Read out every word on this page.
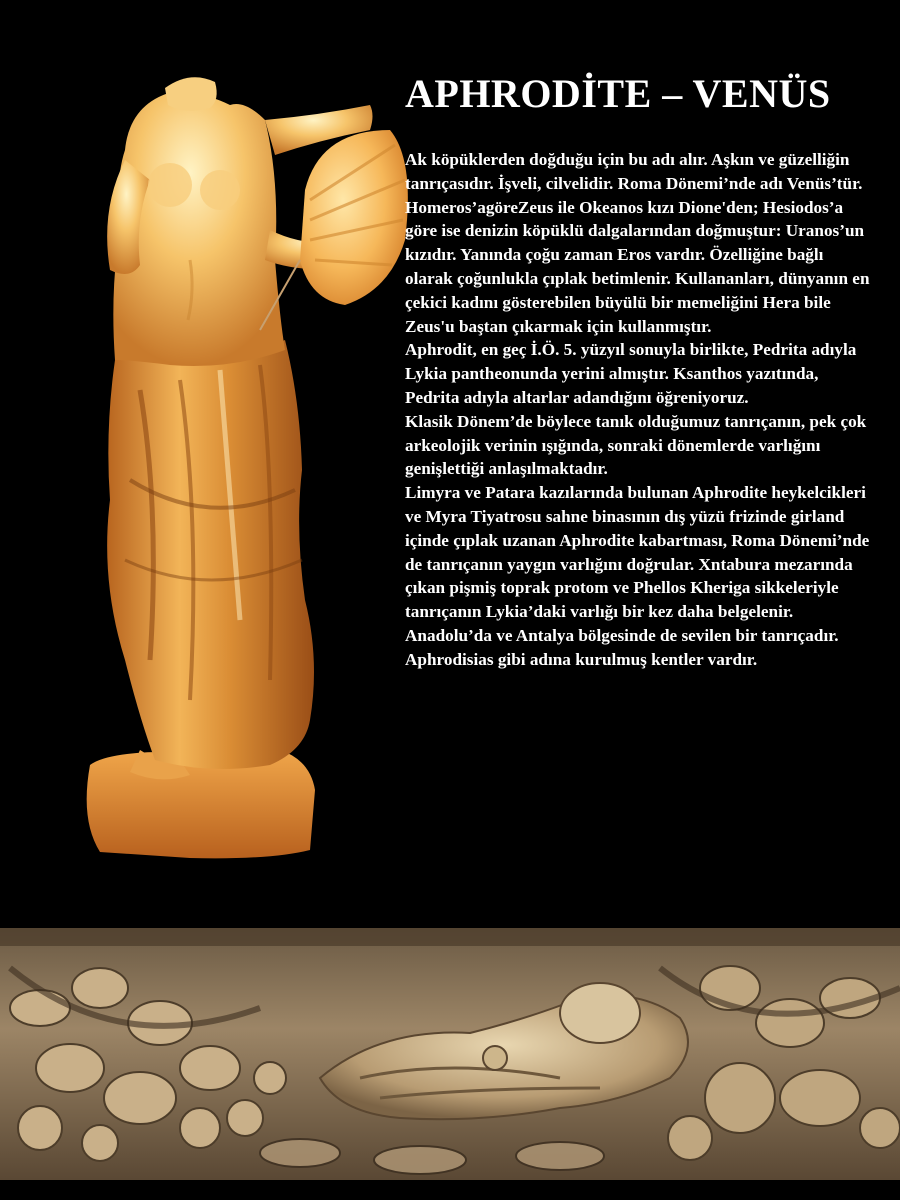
APHRODİTE – VENÜS

Ak köpüklerden doğduğu için bu adı alır. Aşkın ve güzelliğin tanrıçasıdır. İşveli, cilvelidir. Roma Dönemi’nde adı Venüs’tür.

Homeros’agöreZeus ile Okeanos kızı Dione'den; Hesiodos’a göre ise denizin köpüklü dalgalarından doğmuştur: Uranos’un kızıdır. Yanında çoğu zaman Eros vardır. Özelliğine bağlı olarak çoğunlukla çıplak betimlenir. Kullananları, dünyanın en çekici kadını gösterebilen büyülü bir memeliğini Hera bile Zeus'u baştan çıkarmak için kullanmıştır.

Aphrodit, en geç İ.Ö. 5. yüzyıl sonuyla birlikte, Pedrita adıyla Lykia pantheonunda yerini almıştır. Ksanthos yazıtında, Pedrita adıyla altarlar adandığını öğreniyoruz.

Klasik Dönem’de böylece tanık olduğumuz tanrıçanın, pek çok arkeolojik verinin ışığında, sonraki dönemlerde varlığını genişlettiği anlaşılmaktadır.

Limyra ve Patara kazılarında bulunan Aphrodite heykelcikleri ve Myra Tiyatrosu sahne binasının dış yüzü frizinde girland içinde çıplak uzanan Aphrodite kabartması, Roma Dönemi’nde de tanrıçanın yaygın varlığını doğrular. Xntabura mezarında çıkan pişmiş toprak protom ve Phellos Kheriga sikkeleriyle tanrıçanın Lykia’daki varlığı bir kez daha belgelenir. Anadolu’da ve Antalya bölgesinde de sevilen bir tanrıçadır. Aphrodisias gibi adına kurulmuş kentler vardır.
